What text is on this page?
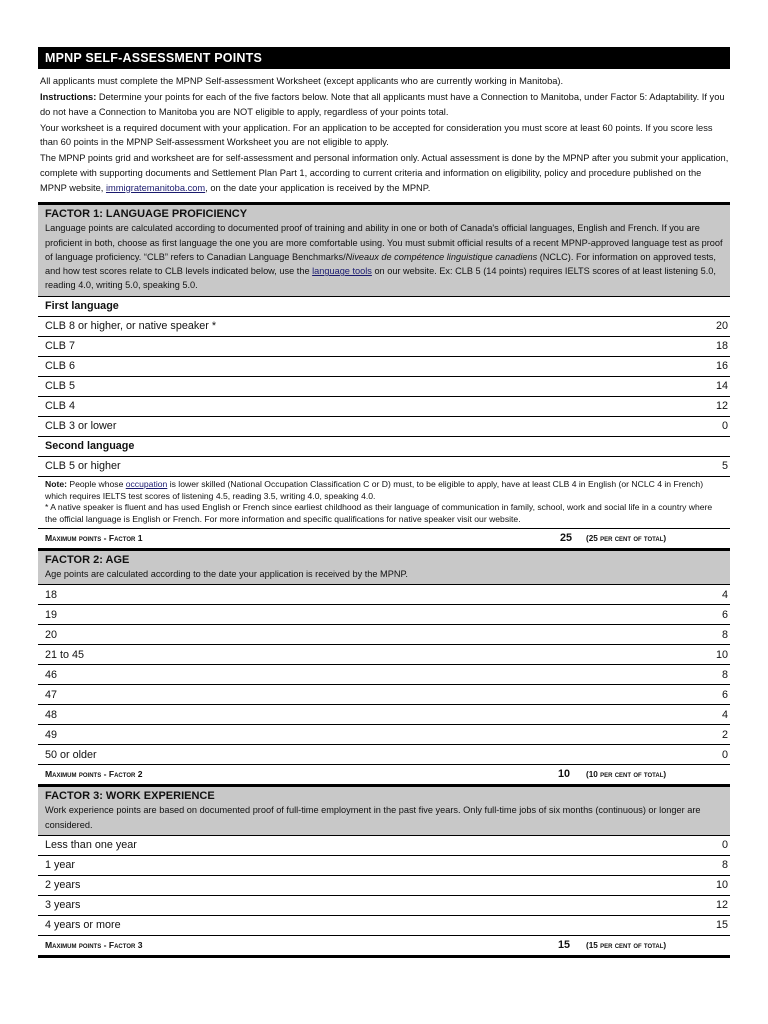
MPNP SELF-ASSESSMENT POINTS

All applicants must complete the MPNP Self-assessment Worksheet (except applicants who are currently working in Manitoba).

Instructions: Determine your points for each of the five factors below. Note that all applicants must have a Connection to Manitoba, under Factor 5: Adaptability. If you do not have a Connection to Manitoba you are NOT eligible to apply, regardless of your points total.

Your worksheet is a required document with your application. For an application to be accepted for consideration you must score at least 60 points. If you score less than 60 points in the MPNP Self-assessment Worksheet you are not eligible to apply.

The MPNP points grid and worksheet are for self-assessment and personal information only. Actual assessment is done by the MPNP after you submit your application, complete with supporting documents and Settlement Plan Part 1, according to current criteria and information on eligibility, policy and procedure published on the MPNP website, immigratemanitoba.com, on the date your application is received by the MPNP.

FACTOR 1: LANGUAGE PROFICIENCY
Language points are calculated according to documented proof of training and ability in one or both of Canada's official languages, English and French. If you are proficient in both, choose as first language the one you are more comfortable using. You must submit official results of a recent MPNP-approved language test as proof of language proficiency. “CLB” refers to Canadian Language Benchmarks/Niveaux de compétence linguistique canadiens (NCLC). For information on approved tests, and how test scores relate to CLB levels indicated below, use the language tools on our website. Ex: CLB 5 (14 points) requires IELTS scores of at least listening 5.0, reading 4.0, writing 5.0, speaking 5.0.
First language
CLB 8 or higher, or native speaker *	20
CLB 7	18
CLB 6	16
CLB 5	14
CLB 4	12
CLB 3 or lower	0
Second language
CLB 5 or higher	5

Note: People whose occupation is lower skilled (National Occupation Classification C or D) must, to be eligible to apply, have at least CLB 4 in English (or NCLC 4 in French) which requires IELTS test scores of listening 4.5, reading 3.5, writing 4.0, speaking 4.0.

* A native speaker is fluent and has used English or French since earliest childhood as their language of communication in family, school, work and social life in a country where the official language is English or French. For more information and specific qualifications for native speaker visit our website.

Maximum points - Factor 1	25 (25 per cent of total)
FACTOR 2: AGE
Age points are calculated according to the date your application is received by the MPNP.
18	4
19	6
20	8
21 to 45	10
46	8
47	6
48	4
49	2
50 or older	0
Maximum points - Factor 2	10 (10 per cent of total)
FACTOR 3: WORK EXPERIENCE
Work experience points are based on documented proof of full-time employment in the past five years. Only full-time jobs of six months (continuous) or longer are considered.
Less than one year	0
1 year	8
2 years	10
3 years	12
4 years or more	15
Maximum points - Factor 3	15 (15 per cent of total)
